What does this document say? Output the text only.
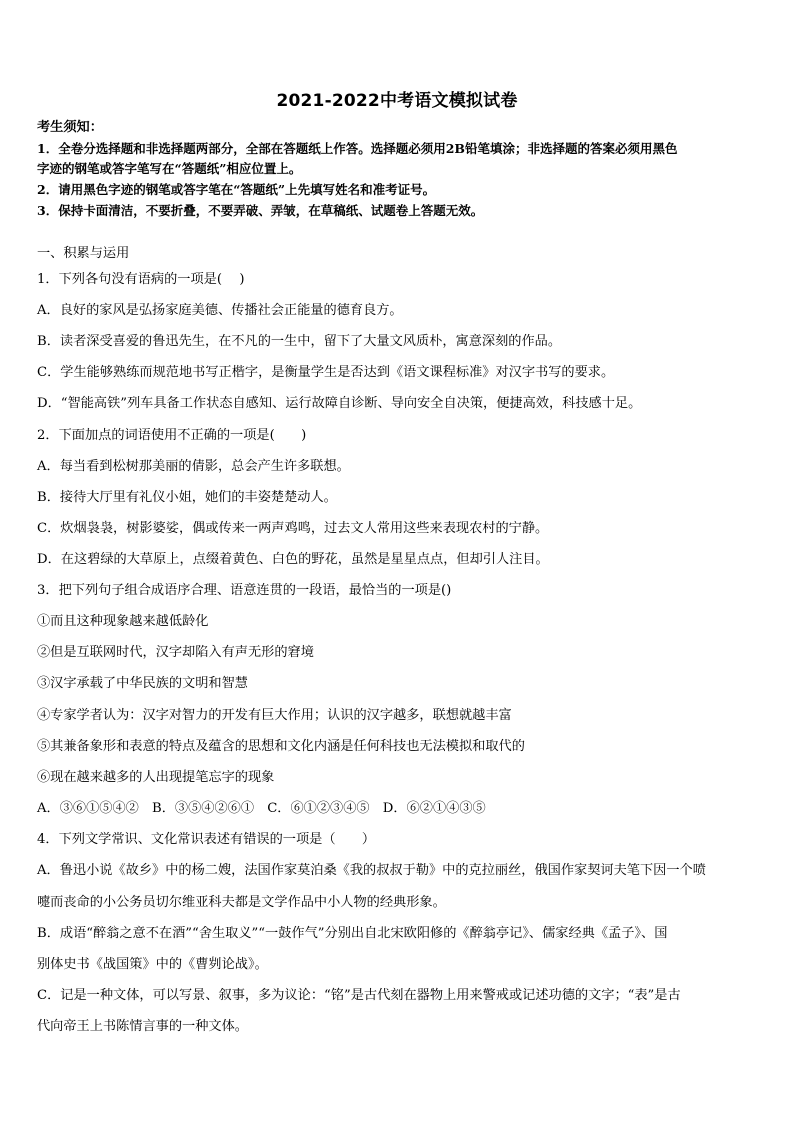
2021-2022中考语文模拟试卷
考生须知：
1．全卷分选择题和非选择题两部分，全部在答题纸上作答。选择题必须用2B铅笔填涂；非选择题的答案必须用黑色
字迹的钢笔或答字笔写在“答题纸”相应位置上。
2．请用黑色字迹的钢笔或答字笔在“答题纸”上先填写姓名和准考证号。
3．保持卡面清洁，不要折叠，不要弄破、弄皱，在草稿纸、试题卷上答题无效。
一、积累与运用
1．下列各句没有语病的一项是(　 )
A．良好的家风是弘扬家庭美德、传播社会正能量的德育良方。
B．读者深受喜爱的鲁迅先生，在不凡的一生中，留下了大量文风质朴，寓意深刻的作品。
C．学生能够熟练而规范地书写正楷字，是衡量学生是否达到《语文课程标准》对汉字书写的要求。
D．“智能高铁”列车具备工作状态自感知、运行故障自诊断、导向安全自决策，便捷高效，科技感十足。
2．下面加点的词语使用不正确的一项是(　　)
A．每当看到松树那美丽的倩影，总会产生许多联想。
B．接待大厅里有礼仪小姐，她们的丰姿楚楚动人。
C．炊烟袅袅，树影婆娑，偶或传来一两声鸡鸣，过去文人常用这些来表现农村的宁静。
D．在这碧绿的大草原上，点缀着黄色、白色的野花，虽然是星星点点，但却引人注目。
3．把下列句子组合成语序合理、语意连贯的一段语，最恰当的一项是()
①而且这种现象越来越低龄化
②但是互联网时代，汉字却陷入有声无形的窘境
③汉字承载了中华民族的文明和智慧
④专家学者认为：汉字对智力的开发有巨大作用；认识的汉字越多，联想就越丰富
⑤其兼备象形和表意的特点及蕴含的思想和文化内涵是任何科技也无法模拟和取代的
⑥现在越来越多的人出现提笔忘字的现象
A．③⑥①⑤④②　B．③⑤④②⑥①　C．⑥①②③④⑤　D．⑥②①④③⑤
4．下列文学常识、文化常识表述有错误的一项是（　　）
A．鲁迅小说《故乡》中的杨二嫂，法国作家莫泊桑《我的叔叔于勒》中的克拉丽丝，俄国作家契诃夫笔下因一个喷
嚏而丧命的小公务员切尔维亚科夫都是文学作品中小人物的经典形象。
B．成语“醉翁之意不在酒”“舍生取义”“一鼓作气”分别出自北宋欧阳修的《醉翁亭记》、儒家经典《孟子》、国
别体史书《战国策》中的《曹刿论战》。
C．记是一种文体，可以写景、叙事，多为议论：“铭”是古代刻在器物上用来警戒或记述功德的文字；“表”是古
代向帝王上书陈情言事的一种文体。
